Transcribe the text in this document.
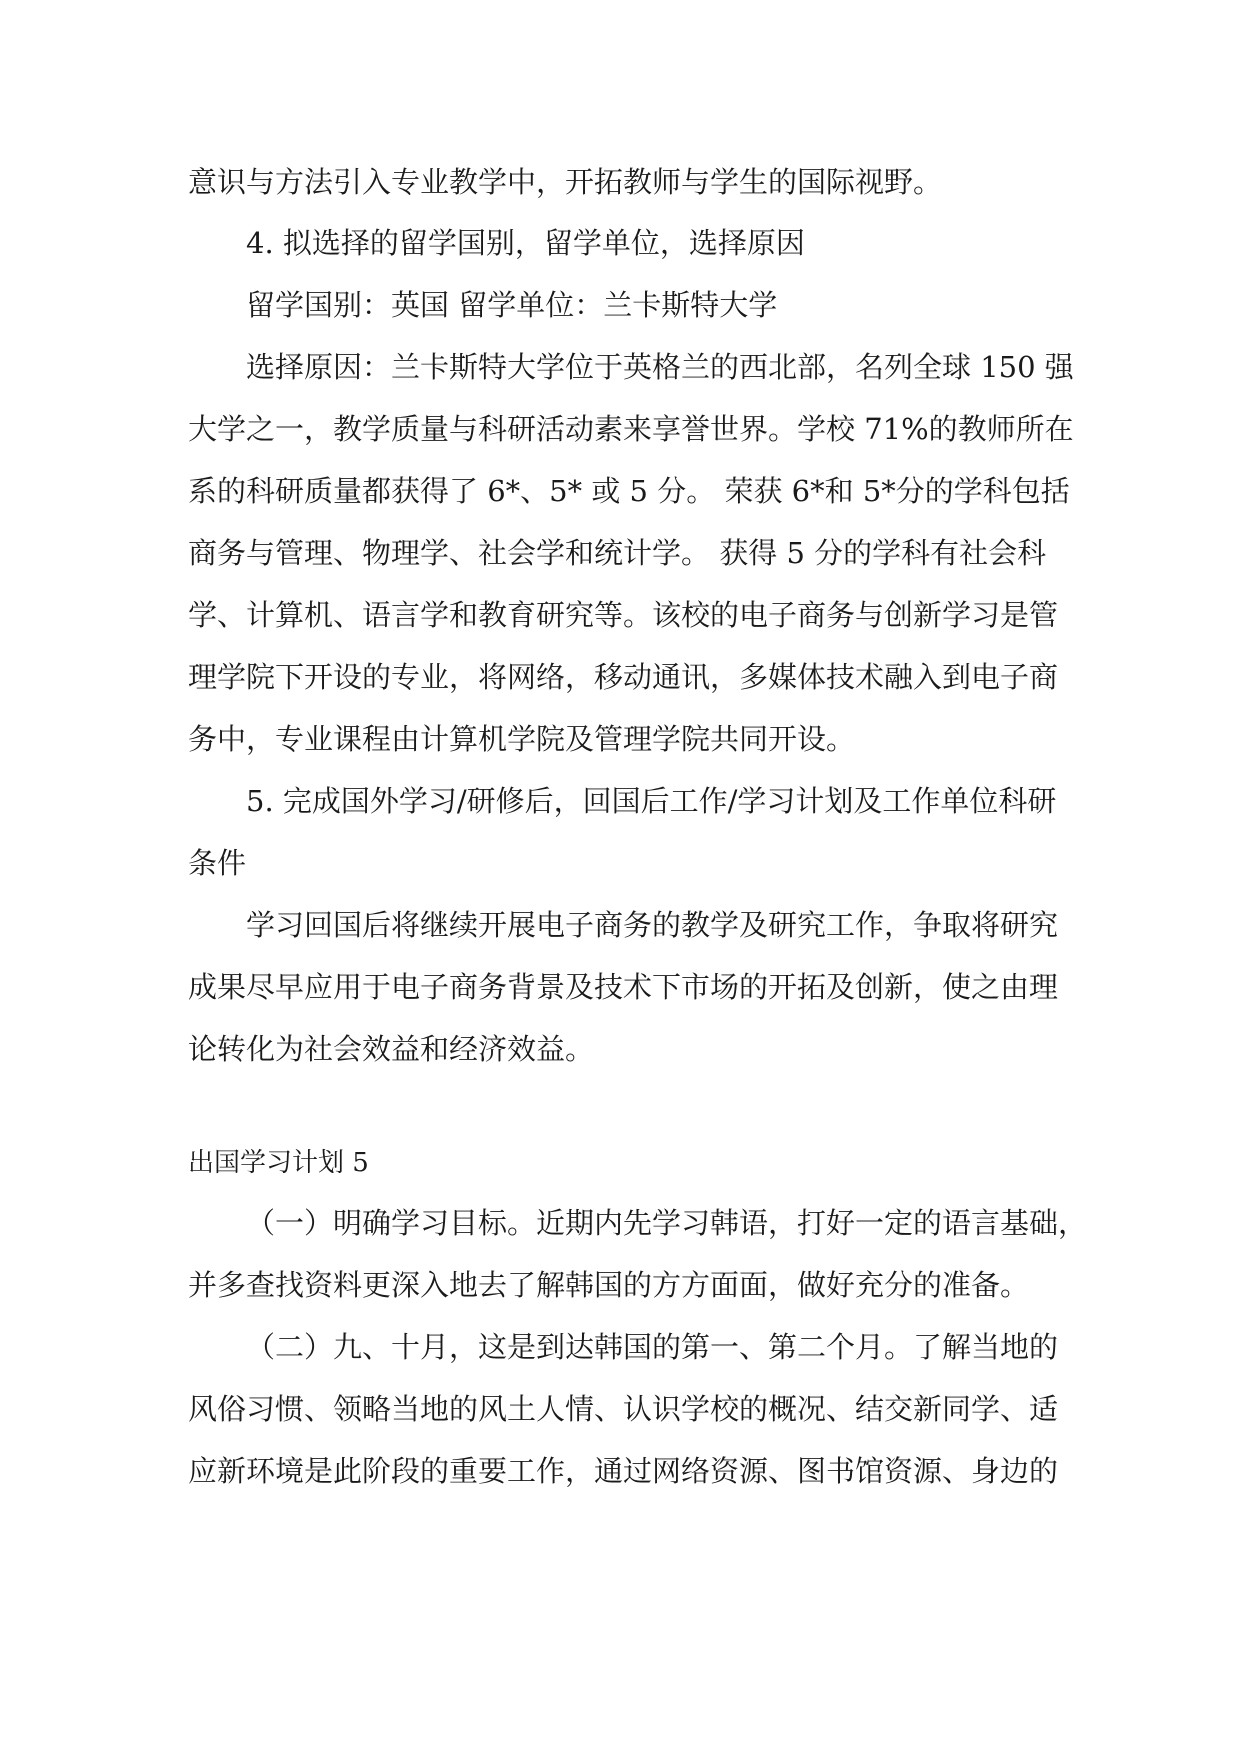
意识与方法引入专业教学中，开拓教师与学生的国际视野。

4. 拟选择的留学国别，留学单位，选择原因

留学国别：英国 留学单位：兰卡斯特大学

选择原因：兰卡斯特大学位于英格兰的西北部，名列全球 150 强

大学之一，教学质量与科研活动素来享誉世界。学校 71%的教师所在

系的科研质量都获得了 6*、5* 或 5 分。 荣获 6*和 5*分的学科包括

商务与管理、物理学、社会学和统计学。 获得 5 分的学科有社会科

学、计算机、语言学和教育研究等。该校的电子商务与创新学习是管

理学院下开设的专业，将网络，移动通讯，多媒体技术融入到电子商

务中，专业课程由计算机学院及管理学院共同开设。

5. 完成国外学习/研修后，回国后工作/学习计划及工作单位科研

条件

学习回国后将继续开展电子商务的教学及研究工作，争取将研究

成果尽早应用于电子商务背景及技术下市场的开拓及创新，使之由理

论转化为社会效益和经济效益。

出国学习计划 5

（一）明确学习目标。近期内先学习韩语，打好一定的语言基础，

并多查找资料更深入地去了解韩国的方方面面，做好充分的准备。

（二）九、十月，这是到达韩国的第一、第二个月。了解当地的

风俗习惯、领略当地的风土人情、认识学校的概况、结交新同学、适

应新环境是此阶段的重要工作，通过网络资源、图书馆资源、身边的
